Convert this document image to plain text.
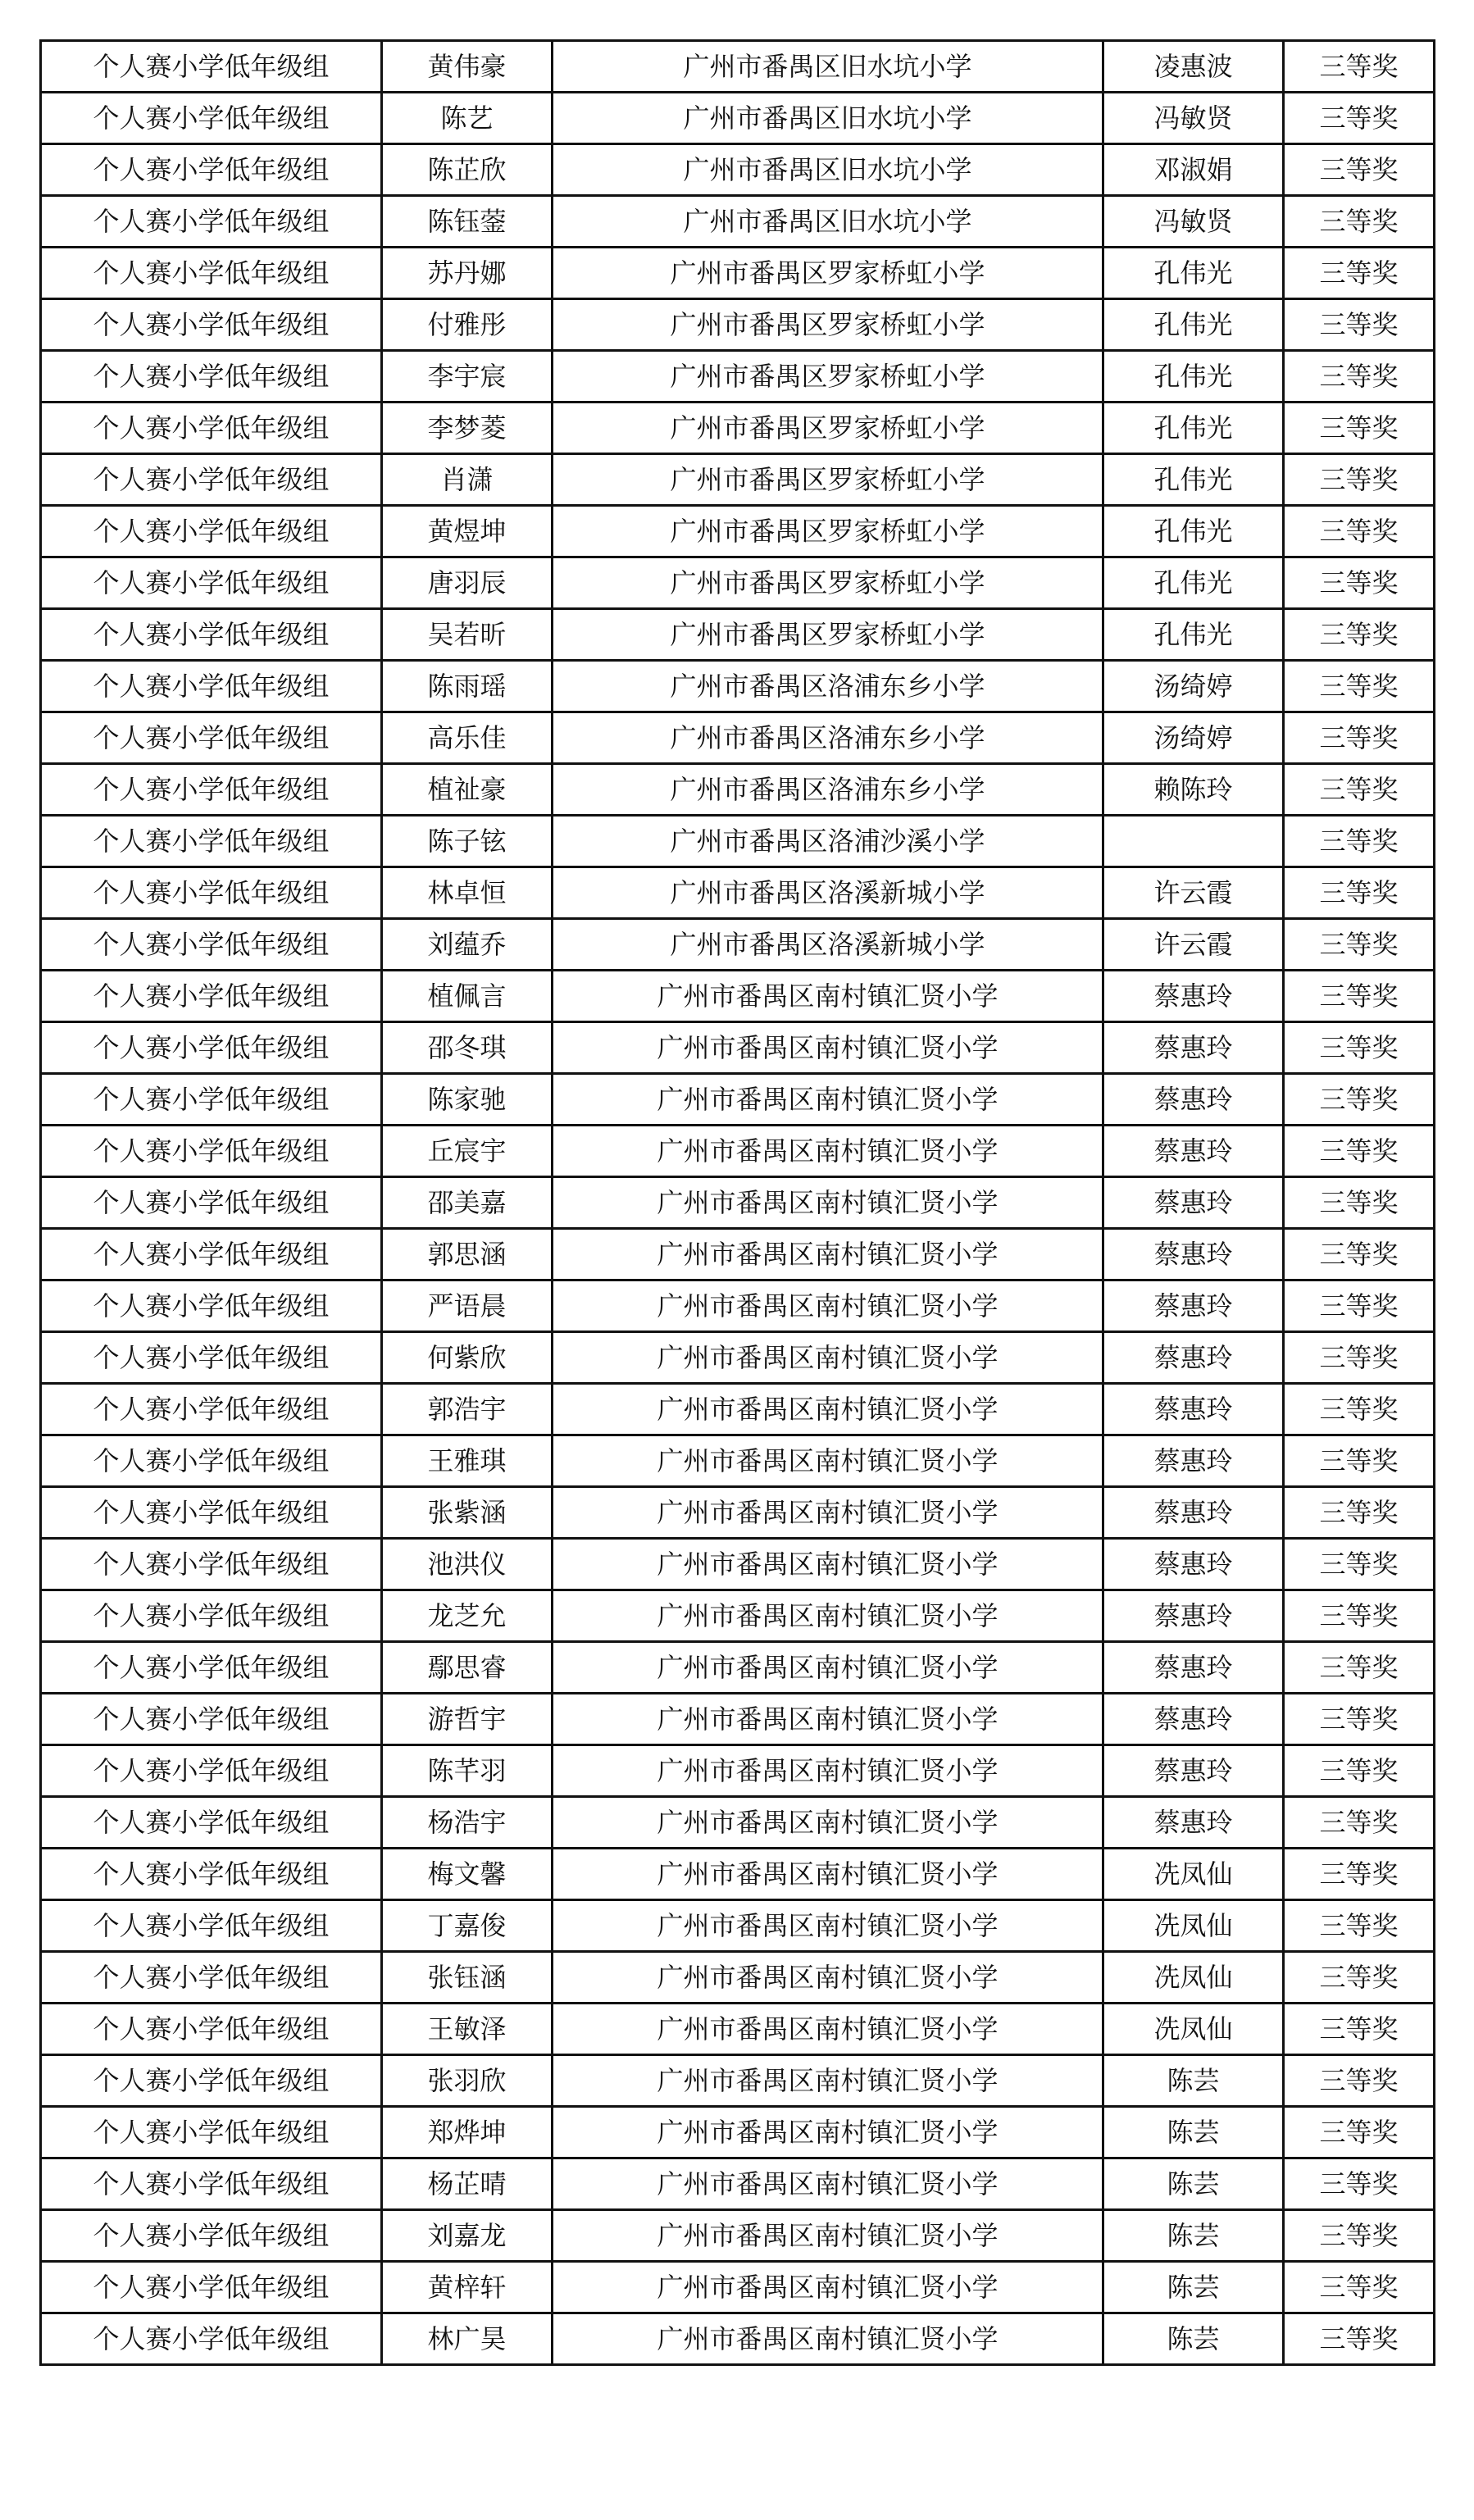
个人赛小学低年级组	黄伟豪	广州市番禺区旧水坑小学	凌惠波	三等奖
个人赛小学低年级组	陈艺	广州市番禺区旧水坑小学	冯敏贤	三等奖
个人赛小学低年级组	陈芷欣	广州市番禺区旧水坑小学	邓淑娟	三等奖
个人赛小学低年级组	陈钰蓥	广州市番禺区旧水坑小学	冯敏贤	三等奖
个人赛小学低年级组	苏丹娜	广州市番禺区罗家桥虹小学	孔伟光	三等奖
个人赛小学低年级组	付雅彤	广州市番禺区罗家桥虹小学	孔伟光	三等奖
个人赛小学低年级组	李宇宸	广州市番禺区罗家桥虹小学	孔伟光	三等奖
个人赛小学低年级组	李梦菱	广州市番禺区罗家桥虹小学	孔伟光	三等奖
个人赛小学低年级组	肖潇	广州市番禺区罗家桥虹小学	孔伟光	三等奖
个人赛小学低年级组	黄煜坤	广州市番禺区罗家桥虹小学	孔伟光	三等奖
个人赛小学低年级组	唐羽辰	广州市番禺区罗家桥虹小学	孔伟光	三等奖
个人赛小学低年级组	吴若昕	广州市番禺区罗家桥虹小学	孔伟光	三等奖
个人赛小学低年级组	陈雨瑶	广州市番禺区洛浦东乡小学	汤绮婷	三等奖
个人赛小学低年级组	高乐佳	广州市番禺区洛浦东乡小学	汤绮婷	三等奖
个人赛小学低年级组	植祉豪	广州市番禺区洛浦东乡小学	赖陈玲	三等奖
个人赛小学低年级组	陈子铉	广州市番禺区洛浦沙溪小学		三等奖
个人赛小学低年级组	林卓恒	广州市番禺区洛溪新城小学	许云霞	三等奖
个人赛小学低年级组	刘蕴乔	广州市番禺区洛溪新城小学	许云霞	三等奖
个人赛小学低年级组	植佩言	广州市番禺区南村镇汇贤小学	蔡惠玲	三等奖
个人赛小学低年级组	邵冬琪	广州市番禺区南村镇汇贤小学	蔡惠玲	三等奖
个人赛小学低年级组	陈家驰	广州市番禺区南村镇汇贤小学	蔡惠玲	三等奖
个人赛小学低年级组	丘宸宇	广州市番禺区南村镇汇贤小学	蔡惠玲	三等奖
个人赛小学低年级组	邵美嘉	广州市番禺区南村镇汇贤小学	蔡惠玲	三等奖
个人赛小学低年级组	郭思涵	广州市番禺区南村镇汇贤小学	蔡惠玲	三等奖
个人赛小学低年级组	严语晨	广州市番禺区南村镇汇贤小学	蔡惠玲	三等奖
个人赛小学低年级组	何紫欣	广州市番禺区南村镇汇贤小学	蔡惠玲	三等奖
个人赛小学低年级组	郭浩宇	广州市番禺区南村镇汇贤小学	蔡惠玲	三等奖
个人赛小学低年级组	王雅琪	广州市番禺区南村镇汇贤小学	蔡惠玲	三等奖
个人赛小学低年级组	张紫涵	广州市番禺区南村镇汇贤小学	蔡惠玲	三等奖
个人赛小学低年级组	池洪仪	广州市番禺区南村镇汇贤小学	蔡惠玲	三等奖
个人赛小学低年级组	龙芝允	广州市番禺区南村镇汇贤小学	蔡惠玲	三等奖
个人赛小学低年级组	鄢思睿	广州市番禺区南村镇汇贤小学	蔡惠玲	三等奖
个人赛小学低年级组	游哲宇	广州市番禺区南村镇汇贤小学	蔡惠玲	三等奖
个人赛小学低年级组	陈芊羽	广州市番禺区南村镇汇贤小学	蔡惠玲	三等奖
个人赛小学低年级组	杨浩宇	广州市番禺区南村镇汇贤小学	蔡惠玲	三等奖
个人赛小学低年级组	梅文馨	广州市番禺区南村镇汇贤小学	冼凤仙	三等奖
个人赛小学低年级组	丁嘉俊	广州市番禺区南村镇汇贤小学	冼凤仙	三等奖
个人赛小学低年级组	张钰涵	广州市番禺区南村镇汇贤小学	冼凤仙	三等奖
个人赛小学低年级组	王敏泽	广州市番禺区南村镇汇贤小学	冼凤仙	三等奖
个人赛小学低年级组	张羽欣	广州市番禺区南村镇汇贤小学	陈芸	三等奖
个人赛小学低年级组	郑烨坤	广州市番禺区南村镇汇贤小学	陈芸	三等奖
个人赛小学低年级组	杨芷晴	广州市番禺区南村镇汇贤小学	陈芸	三等奖
个人赛小学低年级组	刘嘉龙	广州市番禺区南村镇汇贤小学	陈芸	三等奖
个人赛小学低年级组	黄梓轩	广州市番禺区南村镇汇贤小学	陈芸	三等奖
个人赛小学低年级组	林广昊	广州市番禺区南村镇汇贤小学	陈芸	三等奖
